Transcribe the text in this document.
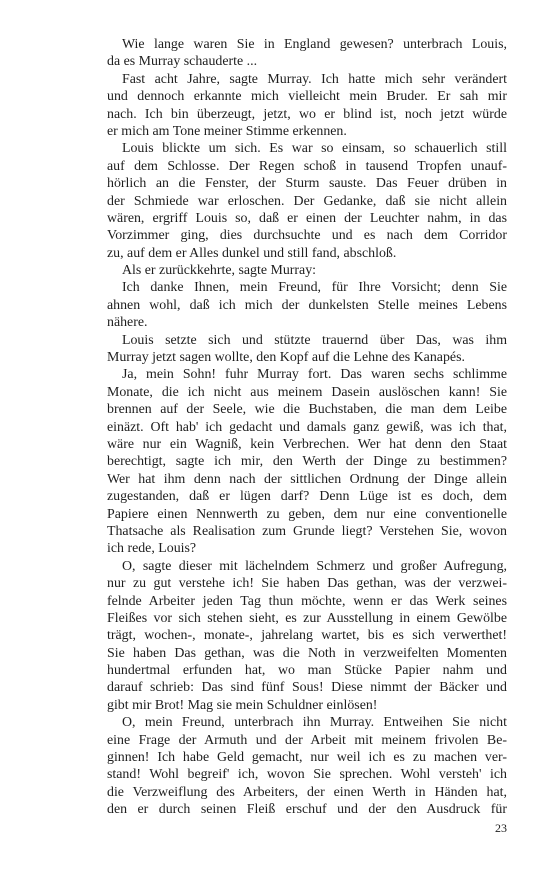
Wie lange waren Sie in England gewesen? unterbrach Louis,
da es Murray schauderte ...
Fast acht Jahre, sagte Murray. Ich hatte mich sehr verändert
und dennoch erkannte mich vielleicht mein Bruder. Er sah mir
nach. Ich bin überzeugt, jetzt, wo er blind ist, noch jetzt würde
er mich am Tone meiner Stimme erkennen.
Louis blickte um sich. Es war so einsam, so schauerlich still
auf dem Schlosse. Der Regen schoß in tausend Tropfen unauf-
hörlich an die Fenster, der Sturm sauste. Das Feuer drüben in
der Schmiede war erloschen. Der Gedanke, daß sie nicht allein
wären, ergriff Louis so, daß er einen der Leuchter nahm, in das
Vorzimmer ging, dies durchsuchte und es nach dem Corridor
zu, auf dem er Alles dunkel und still fand, abschloß.
Als er zurückkehrte, sagte Murray:
Ich danke Ihnen, mein Freund, für Ihre Vorsicht; denn Sie
ahnen wohl, daß ich mich der dunkelsten Stelle meines Lebens
nähere.
Louis setzte sich und stützte trauernd über Das, was ihm
Murray jetzt sagen wollte, den Kopf auf die Lehne des Kanapés.
Ja, mein Sohn! fuhr Murray fort. Das waren sechs schlimme
Monate, die ich nicht aus meinem Dasein auslöschen kann! Sie
brennen auf der Seele, wie die Buchstaben, die man dem Leibe
einäzt. Oft hab' ich gedacht und damals ganz gewiß, was ich that,
wäre nur ein Wagniß, kein Verbrechen. Wer hat denn den Staat
berechtigt, sagte ich mir, den Werth der Dinge zu bestimmen?
Wer hat ihm denn nach der sittlichen Ordnung der Dinge allein
zugestanden, daß er lügen darf? Denn Lüge ist es doch, dem
Papiere einen Nennwerth zu geben, dem nur eine conventionelle
Thatsache als Realisation zum Grunde liegt? Verstehen Sie, wovon
ich rede, Louis?
O, sagte dieser mit lächelndem Schmerz und großer Aufregung,
nur zu gut verstehe ich! Sie haben Das gethan, was der verzwei-
felnde Arbeiter jeden Tag thun möchte, wenn er das Werk seines
Fleißes vor sich stehen sieht, es zur Ausstellung in einem Gewölbe
trägt, wochen-, monate-, jahrelang wartet, bis es sich verwerthet!
Sie haben Das gethan, was die Noth in verzweifelten Momenten
hundertmal erfunden hat, wo man Stücke Papier nahm und
darauf schrieb: Das sind fünf Sous! Diese nimmt der Bäcker und
gibt mir Brot! Mag sie mein Schuldner einlösen!
O, mein Freund, unterbrach ihn Murray. Entweihen Sie nicht
eine Frage der Armuth und der Arbeit mit meinem frivolen Be-
ginnen! Ich habe Geld gemacht, nur weil ich es zu machen ver-
stand! Wohl begreif' ich, wovon Sie sprechen. Wohl versteh' ich
die Verzweiflung des Arbeiters, der einen Werth in Händen hat,
den er durch seinen Fleiß erschuf und der den Ausdruck für
23
